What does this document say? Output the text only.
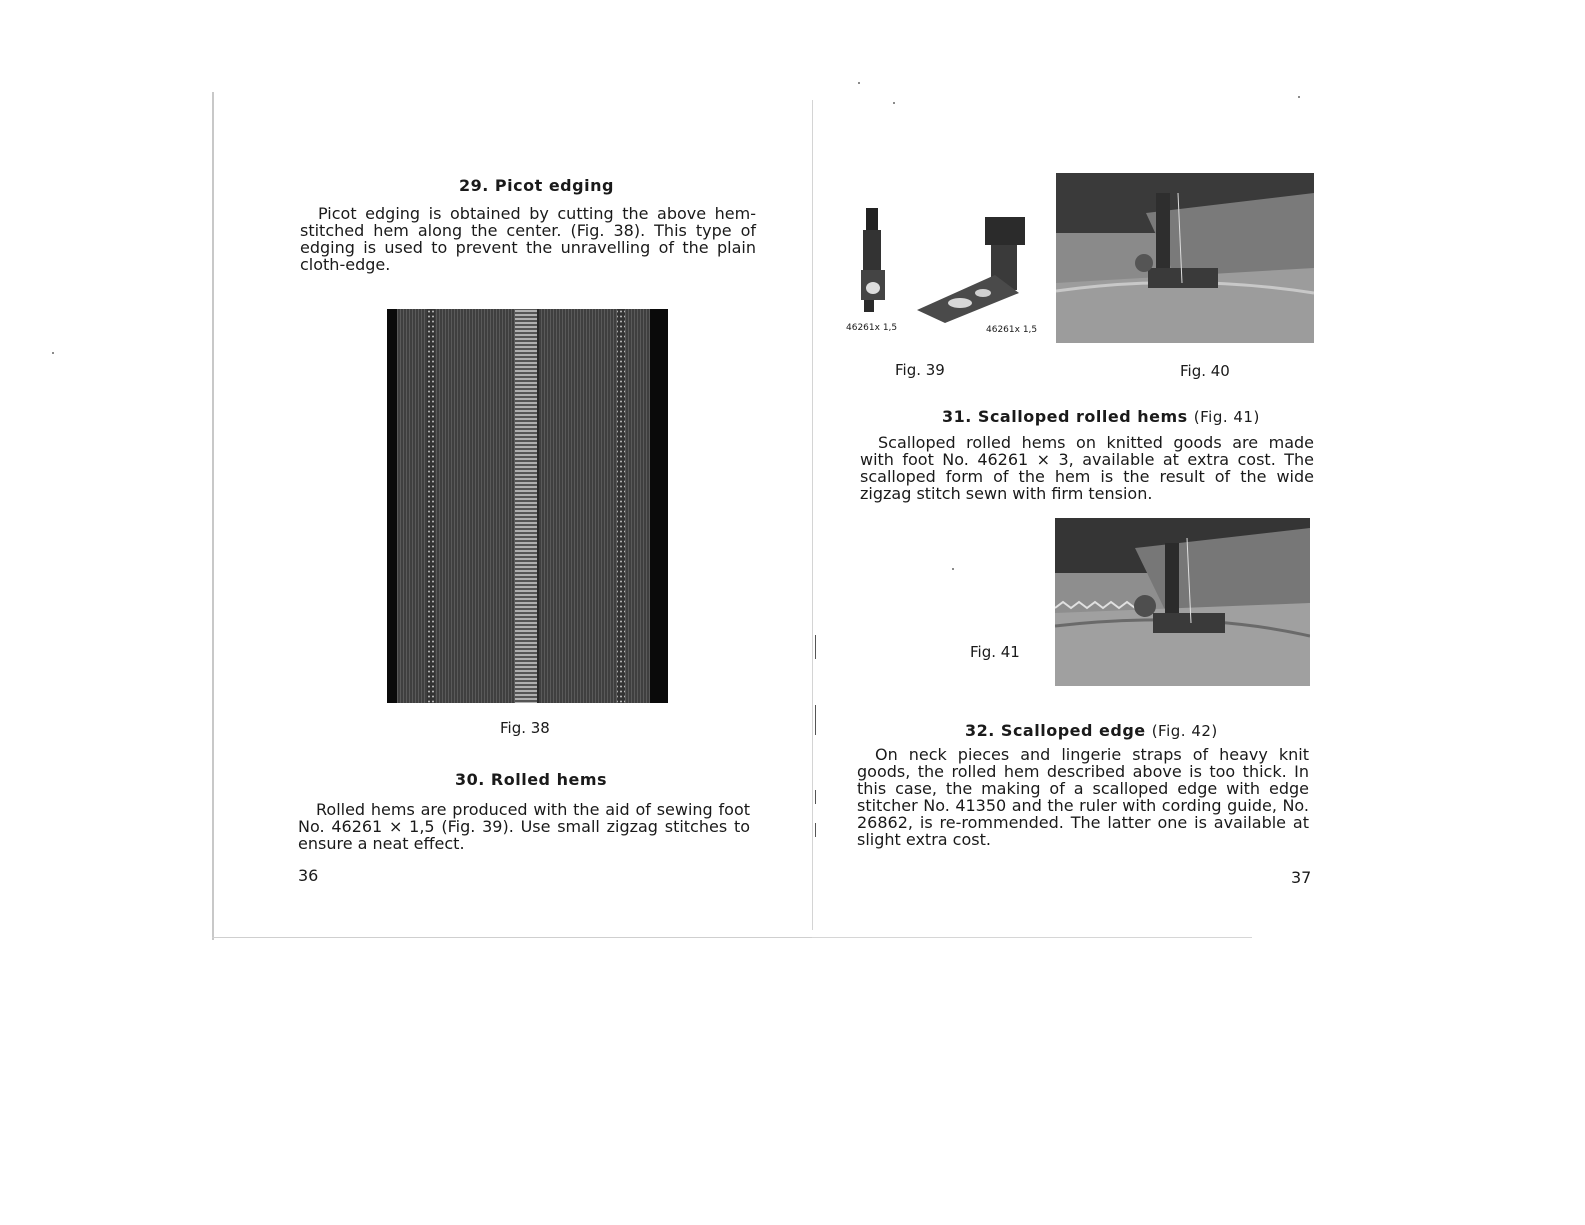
29. Picot edging
Picot edging is obtained by cutting the above hem-stitched hem along the center. (Fig. 38). This type of edging is used to prevent the unravelling of the plain cloth-edge.
Fig. 38
30. Rolled hems
Rolled hems are produced with the aid of sewing foot No. 46261 × 1,5 (Fig. 39). Use small zigzag stitches to ensure a neat effect.
36
46261x 1,5	46261x 1,5
Fig. 39	Fig. 40
31. Scalloped rolled hems (Fig. 41)
Scalloped rolled hems on knitted goods are made with foot No. 46261 × 3, available at extra cost. The scalloped form of the hem is the result of the wide zigzag stitch sewn with firm tension.
Fig. 41
32. Scalloped edge (Fig. 42)
On neck pieces and lingerie straps of heavy knit goods, the rolled hem described above is too thick. In this case, the making of a scalloped edge with edge stitcher No. 41350 and the ruler with cording guide, No. 26862, is re-rommended. The latter one is available at slight extra cost.
37
